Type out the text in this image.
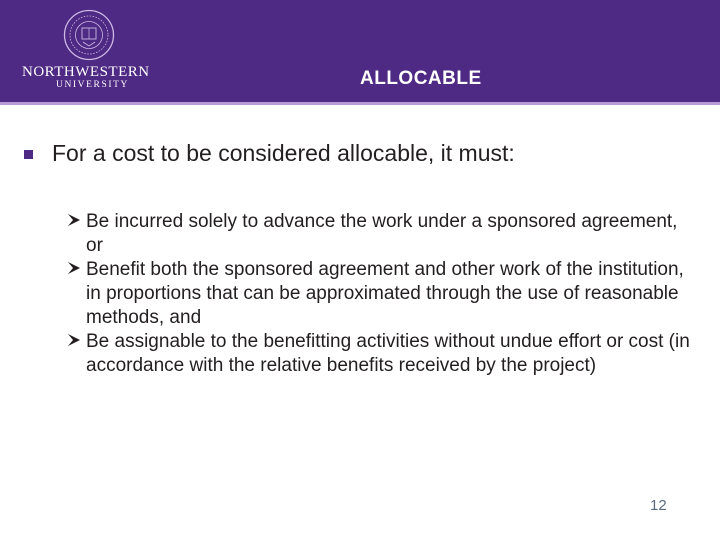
NORTHWESTERN
UNIVERSITY	ALLOCABLE
For a cost to be considered allocable, it must:
Be incurred solely to advance the work under a sponsored agreement, or
Benefit both the sponsored agreement and other work of the institution, in proportions that can be approximated through the use of reasonable methods, and
Be assignable to the benefitting activities without undue effort or cost (in accordance with the relative benefits received by the project)
12
